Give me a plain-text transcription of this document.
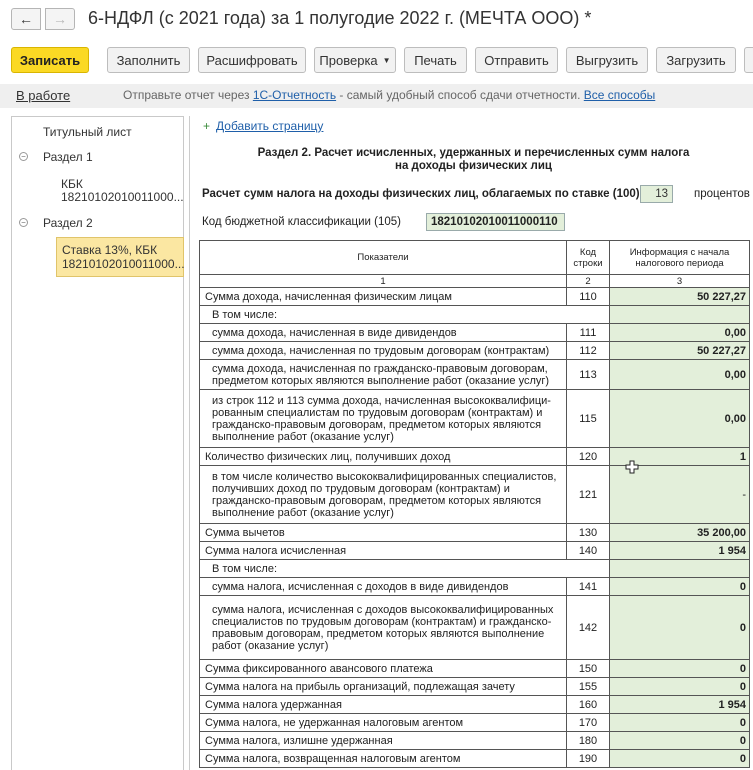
← → 6-НДФЛ (с 2021 года) за 1 полугодие 2022 г. (МЕЧТА ООО) *
Записать	Заполнить	Расшифровать	Проверка ▼	Печать	Отправить	Выгрузить	Загрузить
В работе	Отправьте отчет через 1С-Отчетность - самый удобный способ сдачи отчетности. Все способы
Титульный лист
− Раздел 1
КБК
18210102010011000...
− Раздел 2
Ставка 13%, КБК
18210102010011000...
+ Добавить страницу
Раздел 2. Расчет исчисленных, удержанных и перечисленных сумм налога
на доходы физических лиц
Расчет сумм налога на доходы физических лиц, облагаемых по ставке (100)	13	процентов
Код бюджетной классификации (105)	18210102010011000110
Показатели	Код строки	Информация с начала налогового периода
1	2	3
Сумма дохода, начисленная физическим лицам	110	50 227,27
В том числе:		
сумма дохода, начисленная в виде дивидендов	111	0,00
сумма дохода, начисленная по трудовым договорам (контрактам)	112	50 227,27
сумма дохода, начисленная по гражданско-правовым договорам, предметом которых являются выполнение работ (оказание услуг)	113	0,00
из строк 112 и 113 сумма дохода, начисленная высококвалифици-рованным специалистам по трудовым договорам (контрактам) и гражданско-правовым договорам, предметом которых являются выполнение работ (оказание услуг)	115	0,00
Количество физических лиц, получивших доход	120	1
в том числе количество высококвалифицированных специалистов, получивших доход по трудовым договорам (контрактам) и гражданско-правовым договорам, предметом которых являются выполнение работ (оказание услуг)	121	-
Сумма вычетов	130	35 200,00
Сумма налога исчисленная	140	1 954
В том числе:		
сумма налога, исчисленная с доходов в виде дивидендов	141	0
сумма налога, исчисленная с доходов высококвалифицированных специалистов по трудовым договорам (контрактам) и гражданско-правовым договорам, предметом которых являются выполнение работ (оказание услуг)	142	0
Сумма фиксированного авансового платежа	150	0
Сумма налога на прибыль организаций, подлежащая зачету	155	0
Сумма налога удержанная	160	1 954
Сумма налога, не удержанная налоговым агентом	170	0
Сумма налога, излишне удержанная	180	0
Сумма налога, возвращенная налоговым агентом	190	0
